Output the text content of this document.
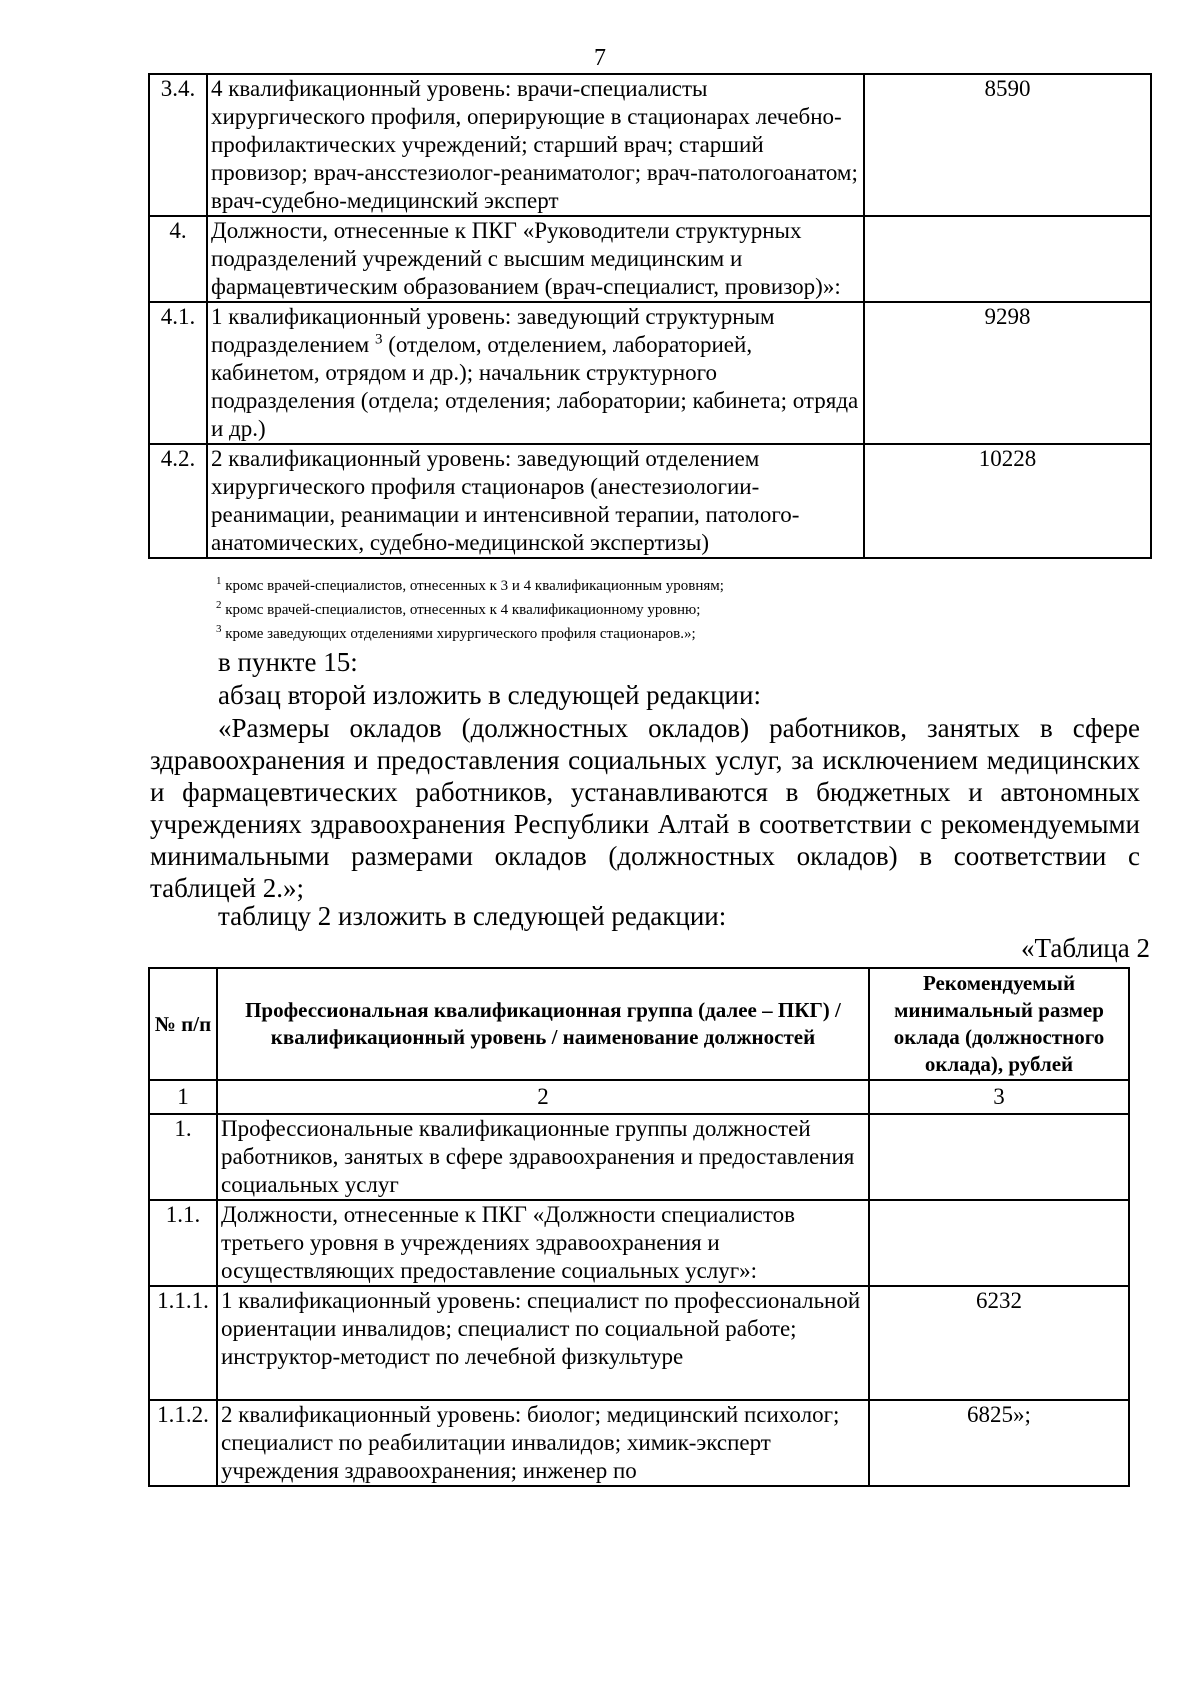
7
3.4.	4 квалификационный уровень: врачи-специалисты хирургического профиля, оперирующие в стационарах лечебно-профилактических учреждений; старший врач; старший провизор; врач-ансстезиолог-реаниматолог; врач-патологоанатом; врач-судебно-медицинский эксперт	8590
4.	Должности, отнесенные к ПКГ «Руководители структурных подразделений учреждений с высшим медицинским и фармацевтическим образованием (врач-специалист, провизор)»:	
4.1.	1 квалификационный уровень: заведующий структурным подразделением $^3$ (отделом, отделением, лабораторией, кабинетом, отрядом и др.); начальник структурного подразделения (отдела; отделения; лаборатории; кабинета; отряда и др.)	9298
4.2.	2 квалификационный уровень: заведующий отделением хирургического профиля стационаров (анестезиологии-реанимации, реанимации и интенсивной терапии, патолого-анатомических, судебно-медицинской экспертизы)	10228
$^1$ кромс врачей-специалистов, отнесенных к 3 и 4 квалификационным уровням;
$^2$ кромс врачей-специалистов, отнесенных к 4 квалификационному уровню;
$^3$ кроме заведующих отделениями хирургического профиля стационаров.»;
в пункте 15:
абзац второй изложить в следующей редакции:
«Размеры окладов (должностных окладов) работников, занятых в сфере здравоохранения и предоставления социальных услуг, за исключением медицинских и фармацевтических работников, устанавливаются в бюджетных и автономных учреждениях здравоохранения Республики Алтай в соответствии с рекомендуемыми минимальными размерами окладов (должностных окладов) в соответствии с таблицей 2.»;
таблицу 2 изложить в следующей редакции:
«Таблица 2
№ п/п	Профессиональная квалификационная группа (далее – ПКГ) / квалификационный уровень / наименование должностей	Рекомендуемый минимальный размер оклада (должностного оклада), рублей
1	2	3
1.	Профессиональные квалификационные группы должностей работников, занятых в сфере здравоохранения и предоставления социальных услуг	
1.1.	Должности, отнесенные к ПКГ «Должности специалистов третьего уровня в учреждениях здравоохранения и осуществляющих предоставление социальных услуг»:	
1.1.1.	1 квалификационный уровень: специалист по профессиональной ориентации инвалидов; специалист по социальной работе; инструктор-методист по лечебной физкультуре	6232
1.1.2.	2 квалификационный уровень: биолог; медицинский психолог; специалист по реабилитации инвалидов; химик-эксперт учреждения здравоохранения; инженер по	6825»;
